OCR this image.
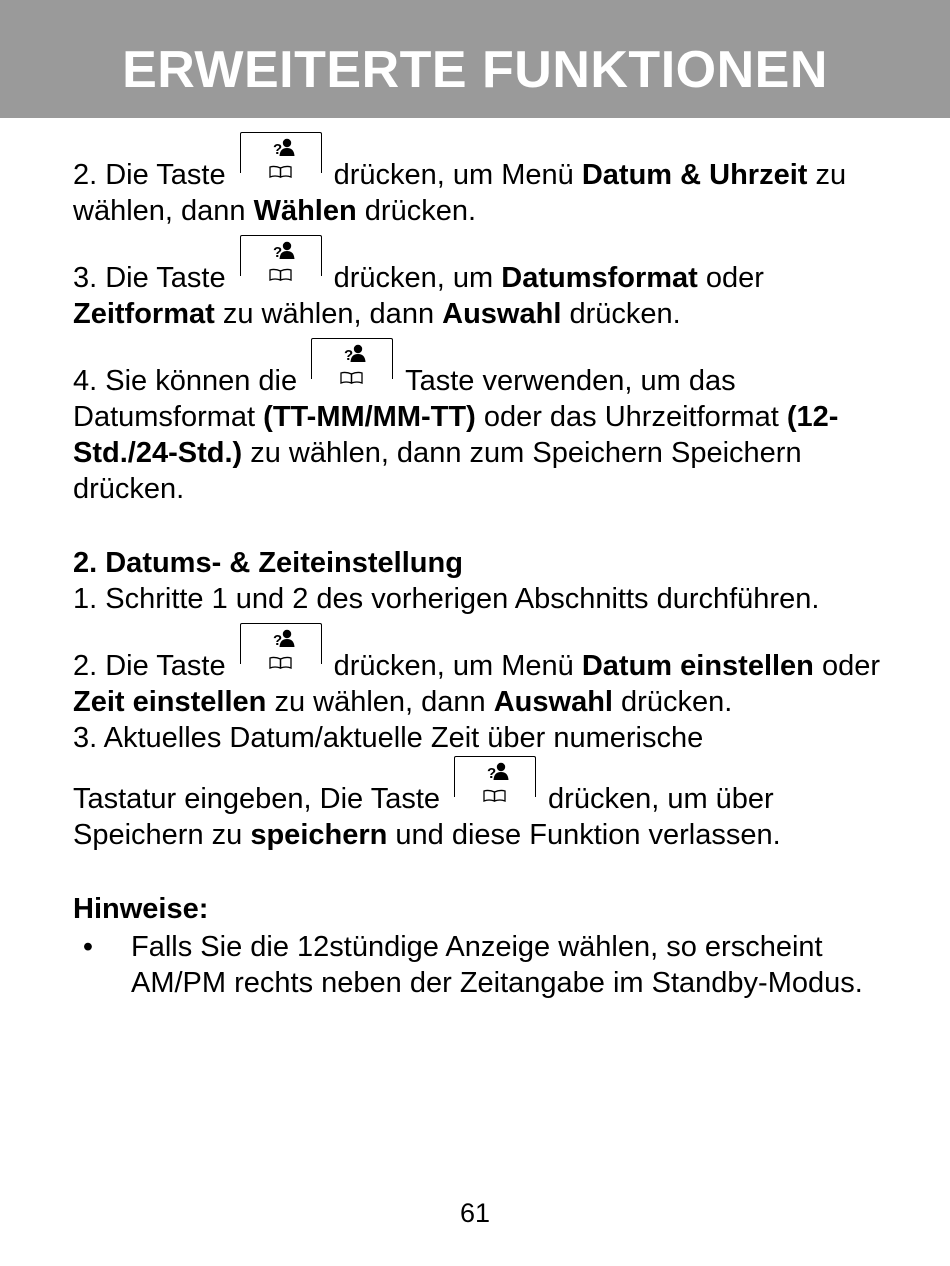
ERWEITERTE FUNKTIONEN

2. Die Taste	drücken, um Menü Datum & Uhrzeit zu wählen, dann Wählen drücken.

3. Die Taste	drücken, um Datumsformat oder
Zeitformat zu wählen, dann Auswahl drücken.

4. Sie können die	Taste verwenden, um das Datumsformat (TT-MM/MM-TT) oder das Uhrzeitformat (12-Std./24-Std.) zu wählen, dann zum Speichern Speichern drücken.

2. Datums- & Zeiteinstellung

1. Schritte 1 und 2 des vorherigen Abschnitts durchführen.

2. Die Taste	drücken, um Menü Datum einstellen oder Zeit einstellen zu wählen, dann Auswahl drücken.

3. Aktuelles Datum/aktuelle Zeit über numerische
Tastatur eingeben, Die Taste	drücken, um über Speichern zu speichern und diese Funktion verlassen.

Hinweise:

•	Falls Sie die 12stündige Anzeige wählen, so erscheint AM/PM rechts neben der Zeitangabe im Standby-Modus.
61
